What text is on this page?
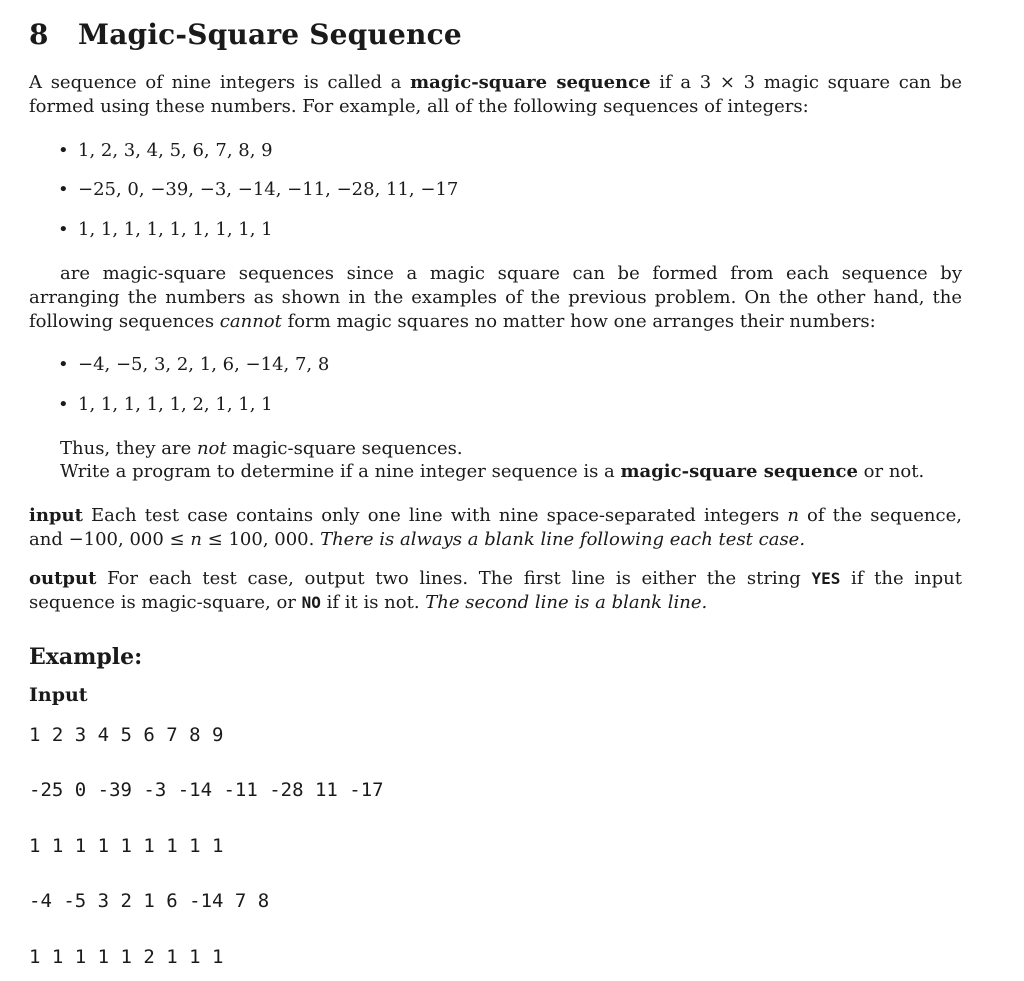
8 Magic-Square Sequence

A sequence of nine integers is called a magic-square sequence if a 3 × 3 magic square can be formed using these numbers. For example, all of the following sequences of integers:

• 1, 2, 3, 4, 5, 6, 7, 8, 9

• −25, 0, −39, −3, −14, −11, −28, 11, −17

• 1, 1, 1, 1, 1, 1, 1, 1, 1

are magic-square sequences since a magic square can be formed from each sequence by arranging the numbers as shown in the examples of the previous problem. On the other hand, the following sequences cannot form magic squares no matter how one arranges their numbers:

• −4, −5, 3, 2, 1, 6, −14, 7, 8

• 1, 1, 1, 1, 1, 2, 1, 1, 1

Thus, they are not magic-square sequences.

Write a program to determine if a nine integer sequence is a magic-square sequence or not.

input Each test case contains only one line with nine space-separated integers n of the sequence, and −100, 000 ≤ n ≤ 100, 000. There is always a blank line following each test case.

output For each test case, output two lines. The first line is either the string YES if the input sequence is magic-square, or NO if it is not. The second line is a blank line.

Example:
Input
1 2 3 4 5 6 7 8 9
-25 0 -39 -3 -14 -11 -28 11 -17
1 1 1 1 1 1 1 1 1
-4 -5 3 2 1 6 -14 7 8
1 1 1 1 1 2 1 1 1
